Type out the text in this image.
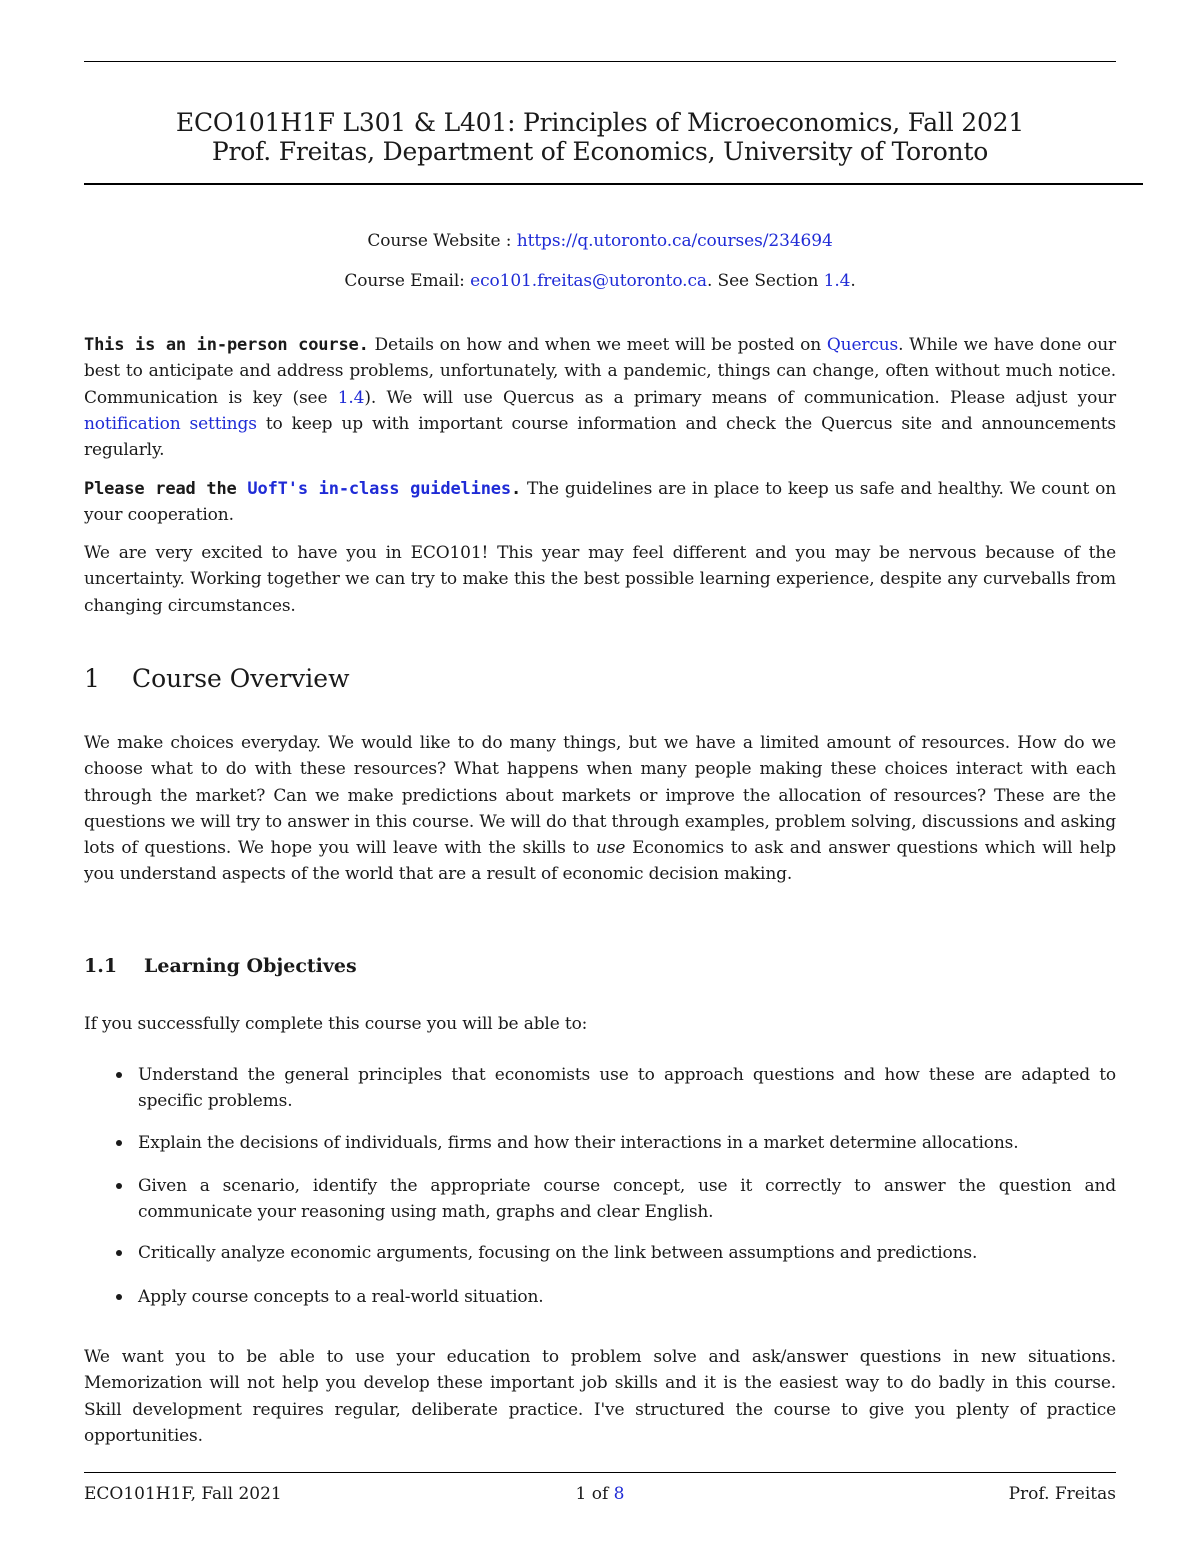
ECO101H1F L301 & L401: Principles of Microeconomics, Fall 2021
Prof. Freitas, Department of Economics, University of Toronto
Course Website : https://q.utoronto.ca/courses/234694
Course Email: eco101.freitas@utoronto.ca. See Section 1.4.
This is an in-person course. Details on how and when we meet will be posted on Quercus. While we have done our best to anticipate and address problems, unfortunately, with a pandemic, things can change, often without much notice. Communication is key (see 1.4). We will use Quercus as a primary means of communication. Please adjust your notification settings to keep up with important course information and check the Quercus site and announcements regularly.
Please read the UofT's in-class guidelines. The guidelines are in place to keep us safe and healthy. We count on your cooperation.
We are very excited to have you in ECO101! This year may feel different and you may be nervous because of the uncertainty. Working together we can try to make this the best possible learning experience, despite any curveballs from changing circumstances.
1 Course Overview
We make choices everyday. We would like to do many things, but we have a limited amount of resources. How do we choose what to do with these resources? What happens when many people making these choices interact with each through the market? Can we make predictions about markets or improve the allocation of resources? These are the questions we will try to answer in this course. We will do that through examples, problem solving, discussions and asking lots of questions. We hope you will leave with the skills to use Economics to ask and answer questions which will help you understand aspects of the world that are a result of economic decision making.
1.1 Learning Objectives
If you successfully complete this course you will be able to:
Understand the general principles that economists use to approach questions and how these are adapted to specific problems.
Explain the decisions of individuals, firms and how their interactions in a market determine allocations.
Given a scenario, identify the appropriate course concept, use it correctly to answer the question and communicate your reasoning using math, graphs and clear English.
Critically analyze economic arguments, focusing on the link between assumptions and predictions.
Apply course concepts to a real-world situation.
We want you to be able to use your education to problem solve and ask/answer questions in new situations. Memorization will not help you develop these important job skills and it is the easiest way to do badly in this course. Skill development requires regular, deliberate practice. I've structured the course to give you plenty of practice opportunities.
ECO101H1F, Fall 2021	1 of 8	Prof. Freitas
